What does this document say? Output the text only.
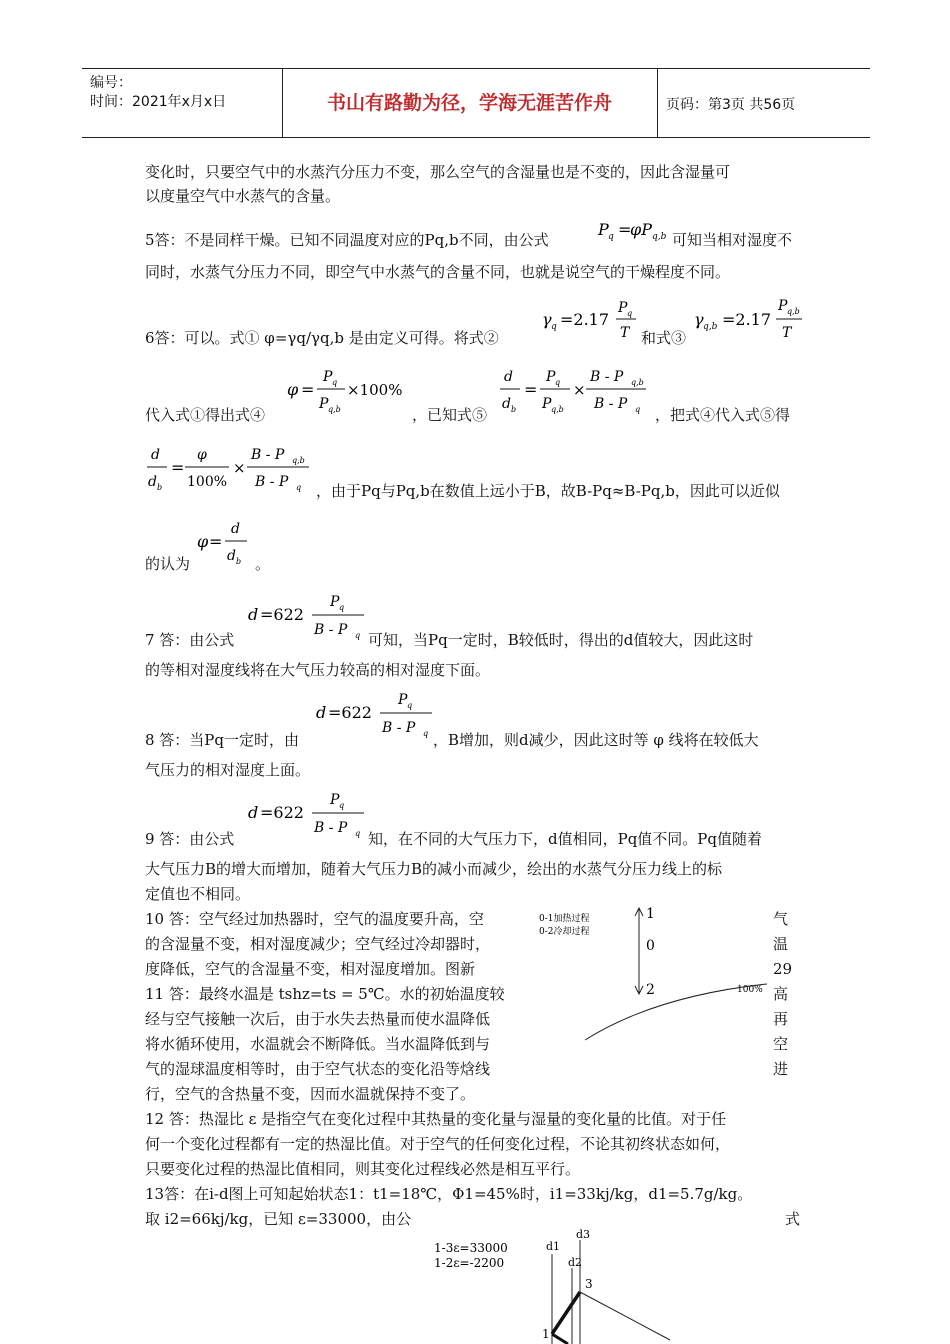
编号：
时间：2021年x月x日	书山有路勤为径，学海无涯苦作舟	页码：第3页 共56页
变化时，只要空气中的水蒸汽分压力不变，那么空气的含湿量也是不变的，因此含湿量可
以度量空气中水蒸气的含量。
5答：不是同样干燥。已知不同温度对应的Pq,b不同，由公式
P q =
φP q,b 可知当相对湿度不
同时，水蒸气分压力不同，即空气中水蒸气的含量不同，也就是说空气的干燥程度不同。
γ q =2.17
P q
T
6答：可以。式① φ=γq/γq,b 是由定义可得。将式②	和式③
γ q,b =2.17
P q,b
T
φ =
P q
P q,b
×100%
d
d b
=
P q
P q,b
×
B - P q,b
B - P q
代入式①得出式④	，已知式⑤	，把式④代入式⑤得
d
d b
=
φ
100%
×
B - P q,b
B - P q ，由于Pq与Pq,b在数值上远小于B，故B-Pq≈B-Pq,b，因此可以近似
φ =
d
d b
的认为	。
d =622
P q
B - P q
7 答：由公式	可知，当Pq一定时，B较低时，得出的d值较大，因此这时
的等相对湿度线将在大气压力较高的相对湿度下面。
d =622
P q
B - P q
8 答：当Pq一定时，由	，B增加，则d减少，因此这时等 φ 线将在较低大
气压力的相对湿度上面。
d =622
P q
B - P q
9 答：由公式	知，在不同的大气压力下，d值相同，Pq值不同。Pq值随着
大气压力B的增大而增加，随着大气压力B的减小而减少，绘出的水蒸气分压力线上的标
定值也不相同。
10 答：空气经过加热器时，空气的温度要升高，空
的含湿量不变，相对湿度减少；空气经过冷却器时，
度降低，空气的含湿量不变，相对湿度增加。图新
11 答：最终水温是 tshz=ts = 5℃。水的初始温度较
经与空气接触一次后，由于水失去热量而使水温降低
将水循环使用，水温就会不断降低。当水温降低到与
气的湿球温度相等时，由于空气状态的变化沿等焓线
行，空气的含热量不变，因而水温就保持不变了。
气
温
29
高
再
空
进
0-1加热过程
0-2冷却过程
1
0
2	100%
12 答：热湿比 ε 是指空气在变化过程中其热量的变化量与湿量的变化量的比值。对于任
何一个变化过程都有一定的热湿比值。对于空气的任何变化过程，不论其初终状态如何，
只要变化过程的热湿比值相同，则其变化过程线必然是相互平行。
13答：在i-d图上可知起始状态1：t1=18℃，Φ1=45%时，i1=33kj/kg，d1=5.7g/kg。
取 i2=66kj/kg，已知 ε=33000，由公	式
1-3ε=33000
1-2ε=-2200
d1
d3
d2
3
1
